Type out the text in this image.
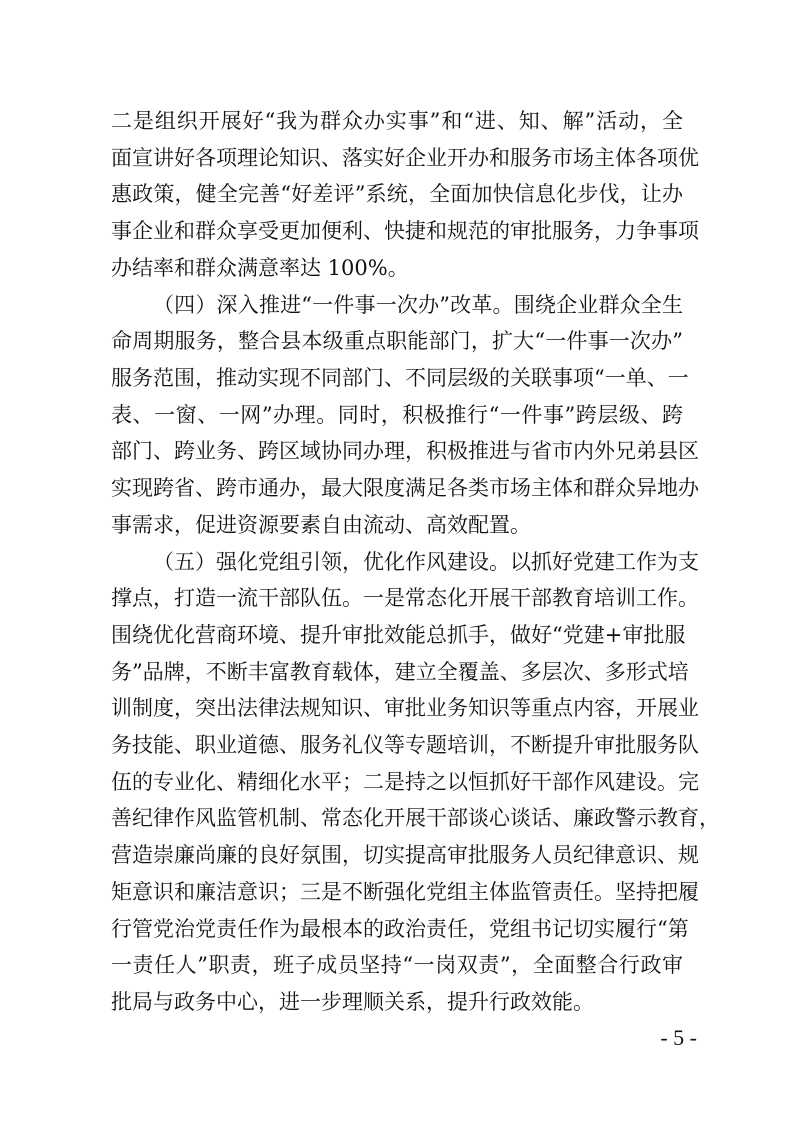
二是组织开展好“我为群众办实事”和“进、知、解”活动，全
面宣讲好各项理论知识、落实好企业开办和服务市场主体各项优
惠政策，健全完善“好差评”系统，全面加快信息化步伐，让办
事企业和群众享受更加便利、快捷和规范的审批服务，力争事项
办结率和群众满意率达 100%。
（四）深入推进“一件事一次办”改革。围绕企业群众全生
命周期服务，整合县本级重点职能部门，扩大“一件事一次办”
服务范围，推动实现不同部门、不同层级的关联事项“一单、一
表、一窗、一网”办理。同时，积极推行“一件事”跨层级、跨
部门、跨业务、跨区域协同办理，积极推进与省市内外兄弟县区
实现跨省、跨市通办，最大限度满足各类市场主体和群众异地办
事需求，促进资源要素自由流动、高效配置。
（五）强化党组引领，优化作风建设。以抓好党建工作为支
撑点，打造一流干部队伍。一是常态化开展干部教育培训工作。
围绕优化营商环境、提升审批效能总抓手，做好“党建+审批服
务”品牌，不断丰富教育载体，建立全覆盖、多层次、多形式培
训制度，突出法律法规知识、审批业务知识等重点内容，开展业
务技能、职业道德、服务礼仪等专题培训，不断提升审批服务队
伍的专业化、精细化水平；二是持之以恒抓好干部作风建设。完
善纪律作风监管机制、常态化开展干部谈心谈话、廉政警示教育，
营造崇廉尚廉的良好氛围，切实提高审批服务人员纪律意识、规
矩意识和廉洁意识；三是不断强化党组主体监管责任。坚持把履
行管党治党责任作为最根本的政治责任，党组书记切实履行“第
一责任人”职责，班子成员坚持“一岗双责”，全面整合行政审
批局与政务中心，进一步理顺关系，提升行政效能。
- 5 -
